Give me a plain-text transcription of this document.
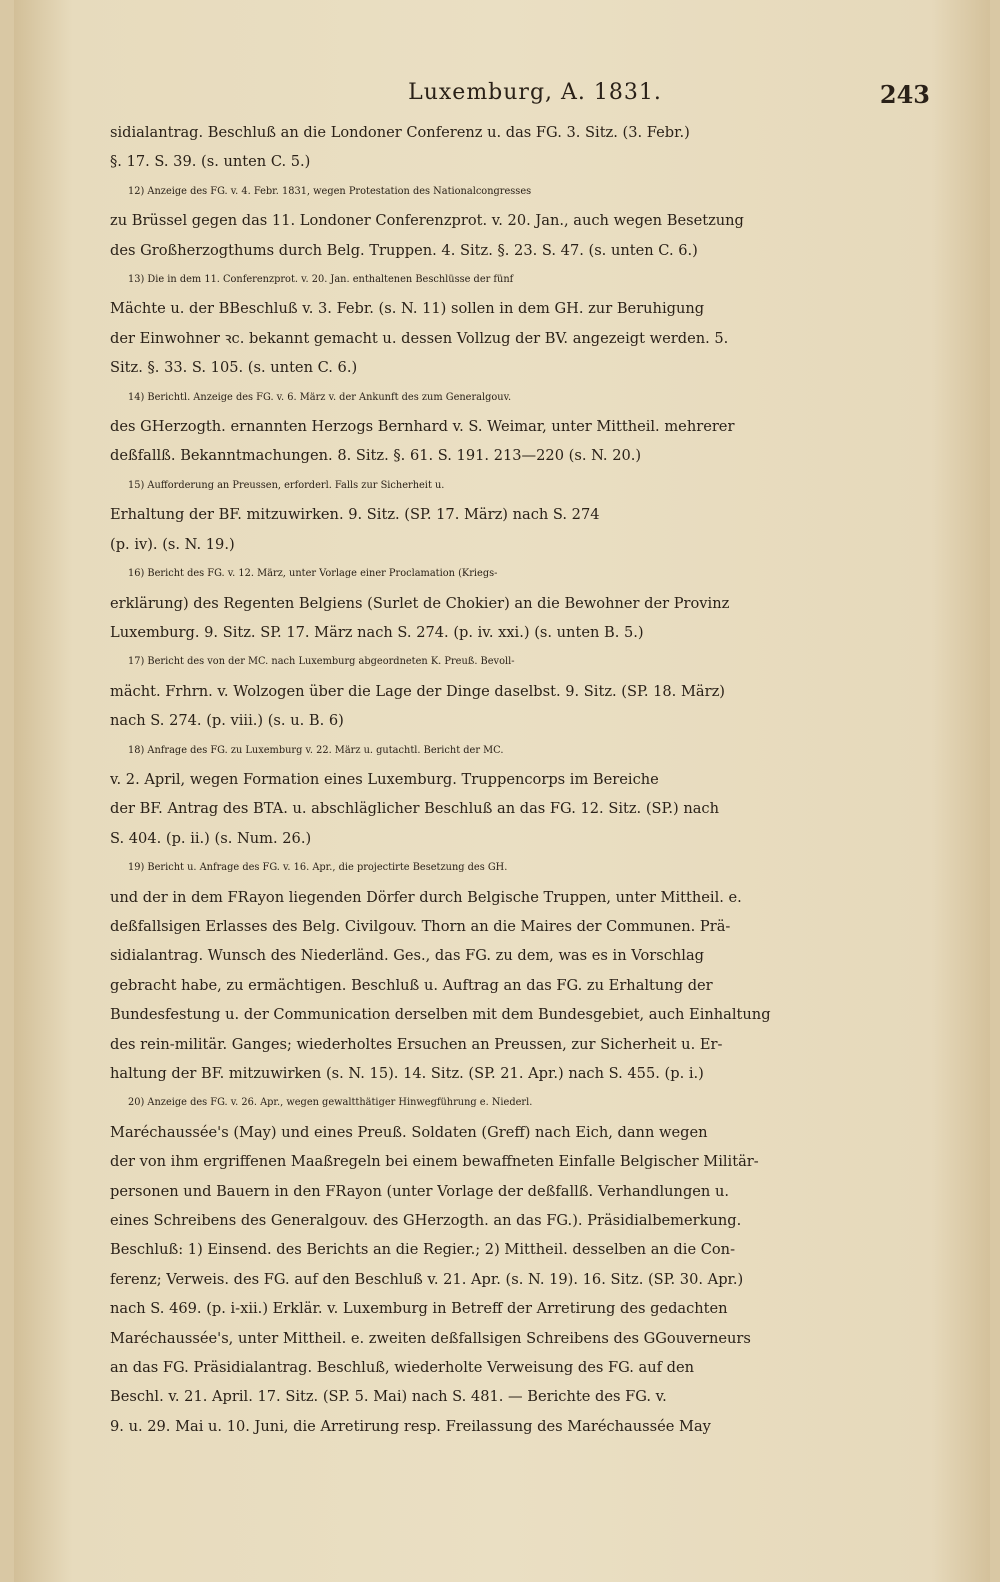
Luxemburg, A. 1831.	243
sidialantrag. Beschluß an die Londoner Conferenz u. das FG. 3. Sitz. (3. Febr.)
§. 17. S. 39. (s. unten C. 5.)
12) Anzeige des FG. v. 4. Febr. 1831, wegen Protestation des Nationalcongresses
zu Brüssel gegen das 11. Londoner Conferenzprot. v. 20. Jan., auch wegen Besetzung
des Großherzogthums durch Belg. Truppen. 4. Sitz. §. 23. S. 47. (s. unten C. 6.)
13) Die in dem 11. Conferenzprot. v. 20. Jan. enthaltenen Beschlüsse der fünf
Mächte u. der BBeschluß v. 3. Febr. (s. N. 11) sollen in dem GH. zur Beruhigung
der Einwohner ꝛc. bekannt gemacht u. dessen Vollzug der BV. angezeigt werden. 5.
Sitz. §. 33. S. 105. (s. unten C. 6.)
14) Berichtl. Anzeige des FG. v. 6. März v. der Ankunft des zum Generalgouv.
des GHerzogth. ernannten Herzogs Bernhard v. S. Weimar, unter Mittheil. mehrerer
deßfallß. Bekanntmachungen. 8. Sitz. §. 61. S. 191. 213—220 (s. N. 20.)
15) Aufforderung an Preussen, erforderl. Falls zur Sicherheit u.
Erhaltung der BF. mitzuwirken. 9. Sitz. (SP. 17. März) nach S. 274
(p. iv). (s. N. 19.)
16) Bericht des FG. v. 12. März, unter Vorlage einer Proclamation (Kriegs-
erklärung) des Regenten Belgiens (Surlet de Chokier) an die Bewohner der Provinz
Luxemburg. 9. Sitz. SP. 17. März nach S. 274. (p. iv. xxi.) (s. unten B. 5.)
17) Bericht des von der MC. nach Luxemburg abgeordneten K. Preuß. Bevoll-
mächt. Frhrn. v. Wolzogen über die Lage der Dinge daselbst. 9. Sitz. (SP. 18. März)
nach S. 274. (p. viii.) (s. u. B. 6)
18) Anfrage des FG. zu Luxemburg v. 22. März u. gutachtl. Bericht der MC.
v. 2. April, wegen Formation eines Luxemburg. Truppencorps im Bereiche
der BF. Antrag des BTA. u. abschläglicher Beschluß an das FG. 12. Sitz. (SP.) nach
S. 404. (p. ii.) (s. Num. 26.)
19) Bericht u. Anfrage des FG. v. 16. Apr., die projectirte Besetzung des GH.
und der in dem FRayon liegenden Dörfer durch Belgische Truppen, unter Mittheil. e.
deßfallsigen Erlasses des Belg. Civilgouv. Thorn an die Maires der Communen. Prä-
sidialantrag. Wunsch des Niederländ. Ges., das FG. zu dem, was es in Vorschlag
gebracht habe, zu ermächtigen. Beschluß u. Auftrag an das FG. zu Erhaltung der
Bundesfestung u. der Communication derselben mit dem Bundesgebiet, auch Einhaltung
des rein-militär. Ganges; wiederholtes Ersuchen an Preussen, zur Sicherheit u. Er-
haltung der BF. mitzuwirken (s. N. 15). 14. Sitz. (SP. 21. Apr.) nach S. 455. (p. i.)
20) Anzeige des FG. v. 26. Apr., wegen gewaltthätiger Hinwegführung e. Niederl.
Maréchaussée's (May) und eines Preuß. Soldaten (Greff) nach Eich, dann wegen
der von ihm ergriffenen Maaßregeln bei einem bewaffneten Einfalle Belgischer Militär-
personen und Bauern in den FRayon (unter Vorlage der deßfallß. Verhandlungen u.
eines Schreibens des Generalgouv. des GHerzogth. an das FG.). Präsidialbemerkung.
Beschluß: 1) Einsend. des Berichts an die Regier.; 2) Mittheil. desselben an die Con-
ferenz; Verweis. des FG. auf den Beschluß v. 21. Apr. (s. N. 19). 16. Sitz. (SP. 30. Apr.)
nach S. 469. (p. i-xii.) Erklär. v. Luxemburg in Betreff der Arretirung des gedachten
Maréchaussée's, unter Mittheil. e. zweiten deßfallsigen Schreibens des GGouverneurs
an das FG. Präsidialantrag. Beschluß, wiederholte Verweisung des FG. auf den
Beschl. v. 21. April. 17. Sitz. (SP. 5. Mai) nach S. 481. — Berichte des FG. v.
9. u. 29. Mai u. 10. Juni, die Arretirung resp. Freilassung des Maréchaussée May
